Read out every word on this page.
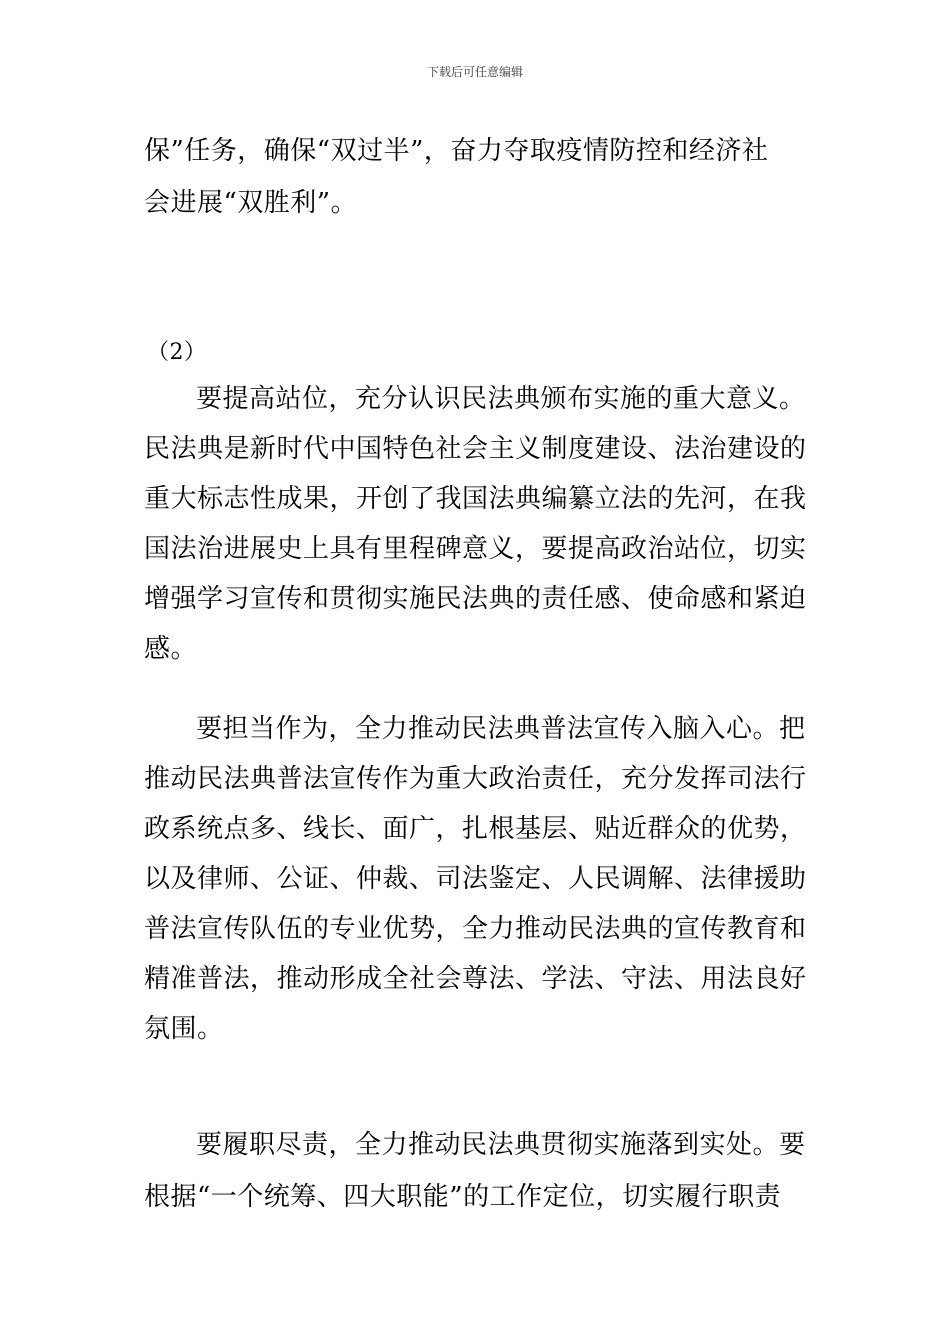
下载后可任意编辑
保”任务，确保“双过半”，奋力夺取疫情防控和经济社
会进展“双胜利”。
（2）
要提高站位，充分认识民法典颁布实施的重大意义。
民法典是新时代中国特色社会主义制度建设、法治建设的
重大标志性成果，开创了我国法典编纂立法的先河，在我
国法治进展史上具有里程碑意义，要提高政治站位，切实
增强学习宣传和贯彻实施民法典的责任感、使命感和紧迫
感。
要担当作为，全力推动民法典普法宣传入脑入心。把
推动民法典普法宣传作为重大政治责任，充分发挥司法行
政系统点多、线长、面广，扎根基层、贴近群众的优势，
以及律师、公证、仲裁、司法鉴定、人民调解、法律援助
普法宣传队伍的专业优势，全力推动民法典的宣传教育和
精准普法，推动形成全社会尊法、学法、守法、用法良好
氛围。
要履职尽责，全力推动民法典贯彻实施落到实处。要
根据“一个统筹、四大职能”的工作定位，切实履行职责
